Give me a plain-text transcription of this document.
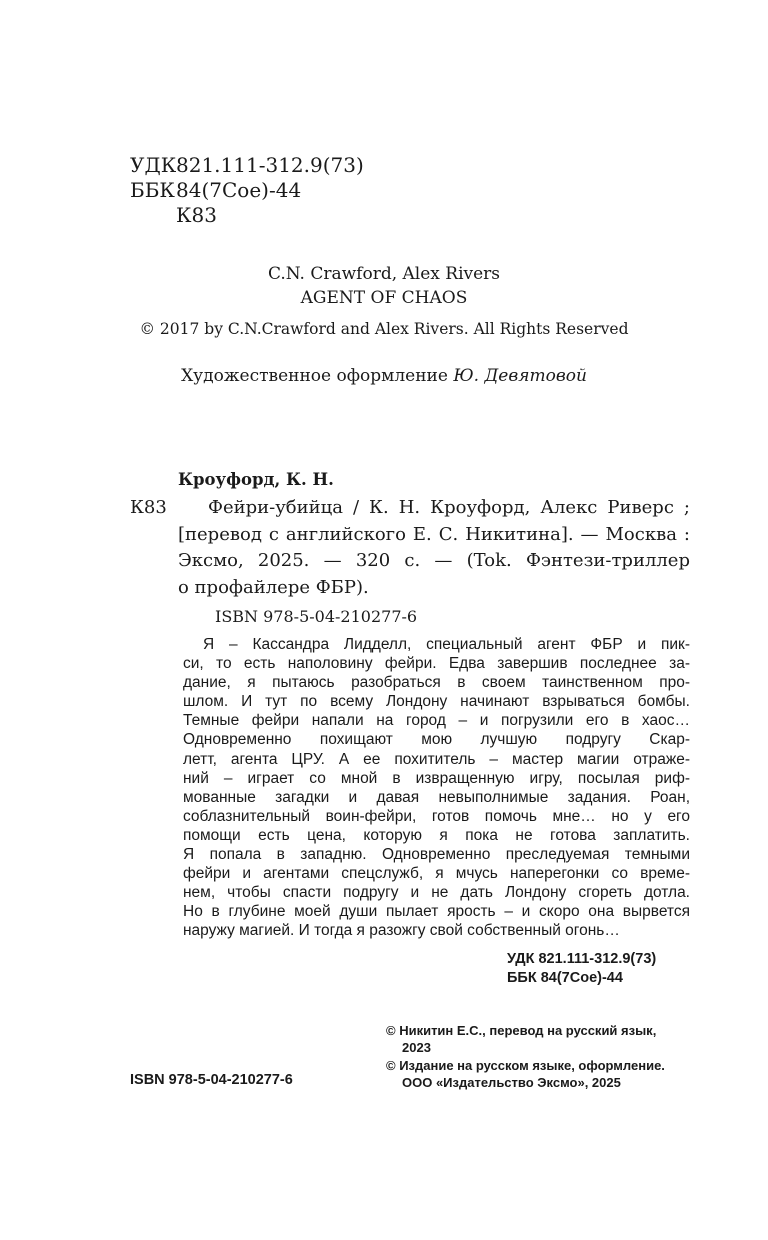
УДК821.111-312.9(73)
ББК84(7Сое)-44
К83
C.N. Crawford, Alex Rivers
AGENT OF CHAOS
© 2017 by C.N.Crawford and Alex Rivers. All Rights Reserved
Художественное оформление Ю. Девятовой
Кроуфорд, К. Н.
К83	Фейри-убийца / К. Н. Кроуфорд, Алекс Риверс ;
[перевод с английского Е. С. Никитина]. — Москва :
Эксмо, 2025. — 320 с. — (Tok. Фэнтези-триллер
о профайлере ФБР).
ISBN 978-5-04-210277-6
Я – Кассандра Лидделл, специальный агент ФБР и пик-
си, то есть наполовину фейри. Едва завершив последнее за-
дание, я пытаюсь разобраться в своем таинственном про-
шлом. И тут по всему Лондону начинают взрываться бомбы.
Темные фейри напали на город – и погрузили его в хаос…
Одновременно похищают мою лучшую подругу Скар-
летт, агента ЦРУ. А ее похититель – мастер магии отраже-
ний – играет со мной в извращенную игру, посылая риф-
мованные загадки и давая невыполнимые задания. Роан,
соблазнительный воин-фейри, готов помочь мне… но у его
помощи есть цена, которую я пока не готова заплатить.
Я попала в западню. Одновременно преследуемая темными
фейри и агентами спецслужб, я мчусь наперегонки со време-
нем, чтобы спасти подругу и не дать Лондону сгореть дотла.
Но в глубине моей души пылает ярость – и скоро она вырвется
наружу магией. И тогда я разожгу свой собственный огонь…
УДК 821.111-312.9(73)
ББК 84(7Сое)-44
© Никитин Е.С., перевод на русский язык,
2023
© Издание на русском языке, оформление.
ООО «Издательство Эксмо», 2025
ISBN 978-5-04-210277-6
